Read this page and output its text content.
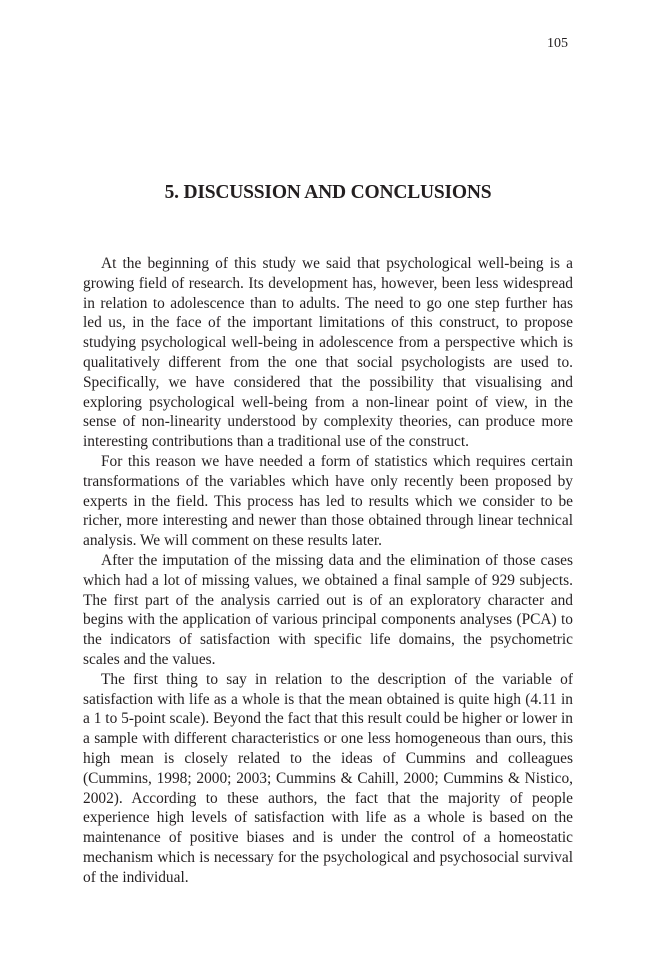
105

5. DISCUSSION AND CONCLUSIONS

At the beginning of this study we said that psychological well-being is a growing field of research. Its development has, however, been less widespread in relation to adolescence than to adults. The need to go one step further has led us, in the face of the important limitations of this construct, to propose studying psychological well-being in adolescence from a perspective which is qualitatively different from the one that social psychologists are used to. Specifically, we have considered that the possibility that visualising and exploring psychological well-being from a non-linear point of view, in the sense of non-linearity understood by complexity theories, can produce more interesting contributions than a traditional use of the construct.

For this reason we have needed a form of statistics which requires certain transformations of the variables which have only recently been proposed by experts in the field. This process has led to results which we consider to be richer, more interesting and newer than those obtained through linear technical analysis. We will comment on these results later.

After the imputation of the missing data and the elimination of those cases which had a lot of missing values, we obtained a final sample of 929 subjects. The first part of the analysis carried out is of an exploratory character and begins with the application of various principal components analyses (PCA) to the indicators of satisfaction with specific life domains, the psychometric scales and the values.

The first thing to say in relation to the description of the variable of satisfaction with life as a whole is that the mean obtained is quite high (4.11 in a 1 to 5-point scale). Beyond the fact that this result could be higher or lower in a sample with different characteristics or one less homogeneous than ours, this high mean is closely related to the ideas of Cummins and colleagues (Cummins, 1998; 2000; 2003; Cummins & Cahill, 2000; Cummins & Nistico, 2002). According to these authors, the fact that the majority of people experience high levels of satisfaction with life as a whole is based on the maintenance of positive biases and is under the control of a homeostatic mechanism which is necessary for the psychological and psychosocial survival of the individual.
